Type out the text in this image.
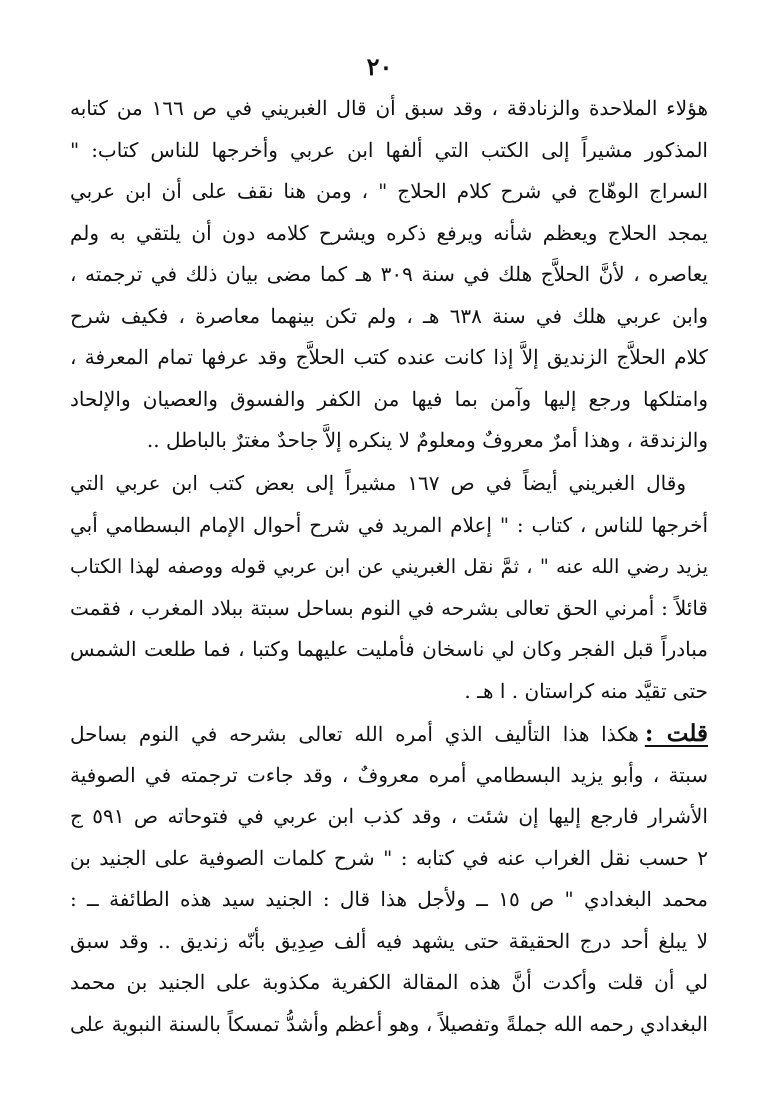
٢٠
هؤلاء الملاحدة والزنادقة ، وقد سبق أن قال الغبريني في ص ١٦٦ من كتابه
المذكور مشيراً إلى الكتب التي ألفها ابن عربي وأخرجها للناس كتاب: "
السراج الوهّاج في شرح كلام الحلاج " ، ومن هنا نقف على أن ابن عربي
يمجد الحلاج ويعظم شأنه ويرفع ذكره ويشرح كلامه دون أن يلتقي به ولم
يعاصره ، لأنَّ الحلاَّج هلك في سنة ٣٠٩ هـ كما مضى بيان ذلك في ترجمته ،
وابن عربي هلك في سنة ٦٣٨ هـ ، ولم تكن بينهما معاصرة ، فكيف شرح
كلام الحلاَّج الزنديق إلاَّ إذا كانت عنده كتب الحلاَّج وقد عرفها تمام المعرفة ،
وامتلكها ورجع إليها وآمن بما فيها من الكفر والفسوق والعصيان والإلحاد
والزندقة ، وهذا أمرٌ معروفٌ ومعلومٌ لا ينكره إلاَّ جاحدٌ مغترٌ بالباطل ..
وقال الغبريني أيضاً في ص ١٦٧ مشيراً إلى بعض كتب ابن عربي التي
أخرجها للناس ، كتاب : " إعلام المريد في شرح أحوال الإمام البسطامي أبي
يزيد رضي الله عنه " ، ثمَّ نقل الغبريني عن ابن عربي قوله ووصفه لهذا الكتاب
قائلاً : أمرني الحق تعالى بشرحه في النوم بساحل سبتة ببلاد المغرب ، فقمت
مبادراً قبل الفجر وكان لي ناسخان فأمليت عليهما وكتبا ، فما طلعت الشمس
حتى تقيَّد منه كراستان . ا هـ .
قلت :هكذا هذا التأليف الذي أمره الله تعالى بشرحه في النوم بساحل
سبتة ، وأبو يزيد البسطامي أمره معروفٌ ، وقد جاءت ترجمته في الصوفية
الأشرار فارجع إليها إن شئت ، وقد كذب ابن عربي في فتوحاته ص ٥٩١ ج
٢ حسب نقل الغراب عنه في كتابه : " شرح كلمات الصوفية على الجنيد بن
محمد البغدادي " ص ١٥ ــ ولأجل هذا قال : الجنيد سيد هذه الطائفة ــ :
لا يبلغ أحد درج الحقيقة حتى يشهد فيه ألف صِدِيق بأنّه زنديق .. وقد سبق
لي أن قلت وأكدت أنَّ هذه المقالة الكفرية مكذوبة على الجنيد بن محمد
البغدادي رحمه الله جملةً وتفصيلاً ، وهو أعظم وأشدُّ تمسكاً بالسنة النبوية على
